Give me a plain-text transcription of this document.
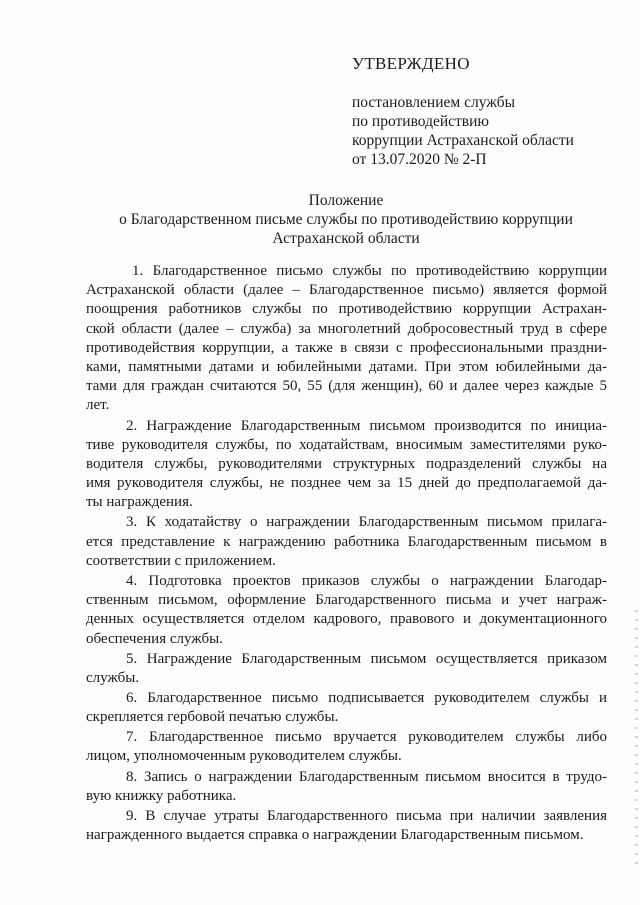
УТВЕРЖДЕНО
постановлением службы
по противодействию
коррупции Астраханской области
от 13.07.2020 № 2-П
Положение
о Благодарственном письме службы по противодействию коррупции
Астраханской области

1. Благодарственное письмо службы по противодействию коррупции
Астраханской области (далее – Благодарственное письмо) является формой
поощрения работников службы по противодействию коррупции Астрахан-
ской области (далее – служба) за многолетний добросовестный труд в сфере
противодействия коррупции, а также в связи с профессиональными праздни-
ками, памятными датами и юбилейными датами. При этом юбилейными да-
тами для граждан считаются 50, 55 (для женщин), 60 и далее через каждые 5
лет.

2. Награждение Благодарственным письмом производится по инициа-
тиве руководителя службы, по ходатайствам, вносимым заместителями руко-
водителя службы, руководителями структурных подразделений службы на
имя руководителя службы, не позднее чем за 15 дней до предполагаемой да-
ты награждения.

3. К ходатайству о награждении Благодарственным письмом прилага-
ется представление к награждению работника Благодарственным письмом в
соответствии с приложением.

4. Подготовка проектов приказов службы о награждении Благодар-
ственным письмом, оформление Благодарственного письма и учет награж-
денных осуществляется отделом кадрового, правового и документационного
обеспечения службы.

5. Награждение Благодарственным письмом осуществляется приказом
службы.

6. Благодарственное письмо подписывается руководителем службы и
скрепляется гербовой печатью службы.

7. Благодарственное письмо вручается руководителем службы либо
лицом, уполномоченным руководителем службы.

8. Запись о награждении Благодарственным письмом вносится в трудо-
вую книжку работника.

9. В случае утраты Благодарственного письма при наличии заявления
награжденного выдается справка о награждении Благодарственным письмом.
